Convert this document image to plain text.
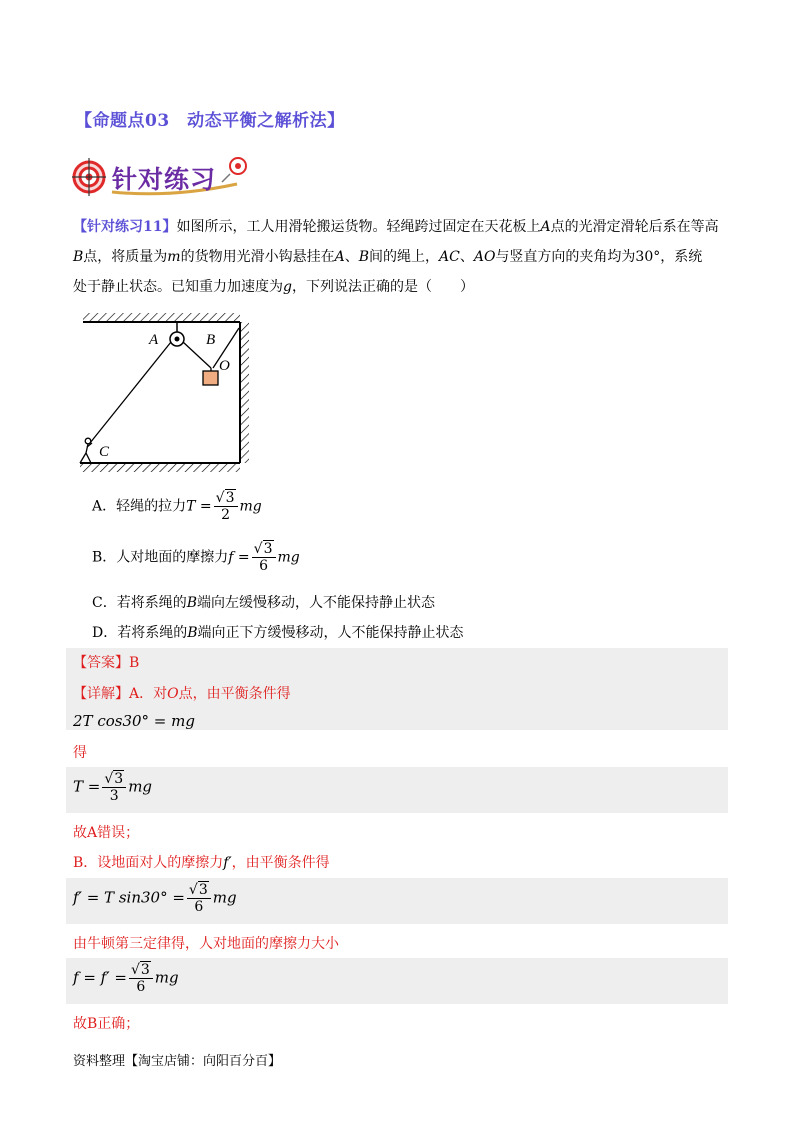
【命题点03　动态平衡之解析法】
针对练习
【针对练习11】如图所示，工人用滑轮搬运货物。轻绳跨过固定在天花板上A点的光滑定滑轮后系在等高
B点，将质量为m的货物用光滑小钩悬挂在A、B间的绳上，AC、AO与竖直方向的夹角均为30°，系统
处于静止状态。已知重力加速度为g，下列说法正确的是（　　）
A	B
O
C
A．轻绳的拉力$T = \frac{√3}{2}$ mg
B．人对地面的摩擦力$f = \frac{√3}{6}$ mg
C．若将系绳的B端向左缓慢移动，人不能保持静止状态
D．若将系绳的B端向正下方缓慢移动，人不能保持静止状态
【答案】B
【详解】A．对O点，由平衡条件得
2T cos30° = mg
得
$T = \frac{√3}{3}$ mg
故A错误；
B．设地面对人的摩擦力f′，由平衡条件得
f′ = T $\sin 30^\circ = \frac{√3}{6}$ mg
由牛顿第三定律得，人对地面的摩擦力大小
$f = f' = \frac{√3}{6}$ mg
故B正确；
资料整理【淘宝店铺：向阳百分百】
